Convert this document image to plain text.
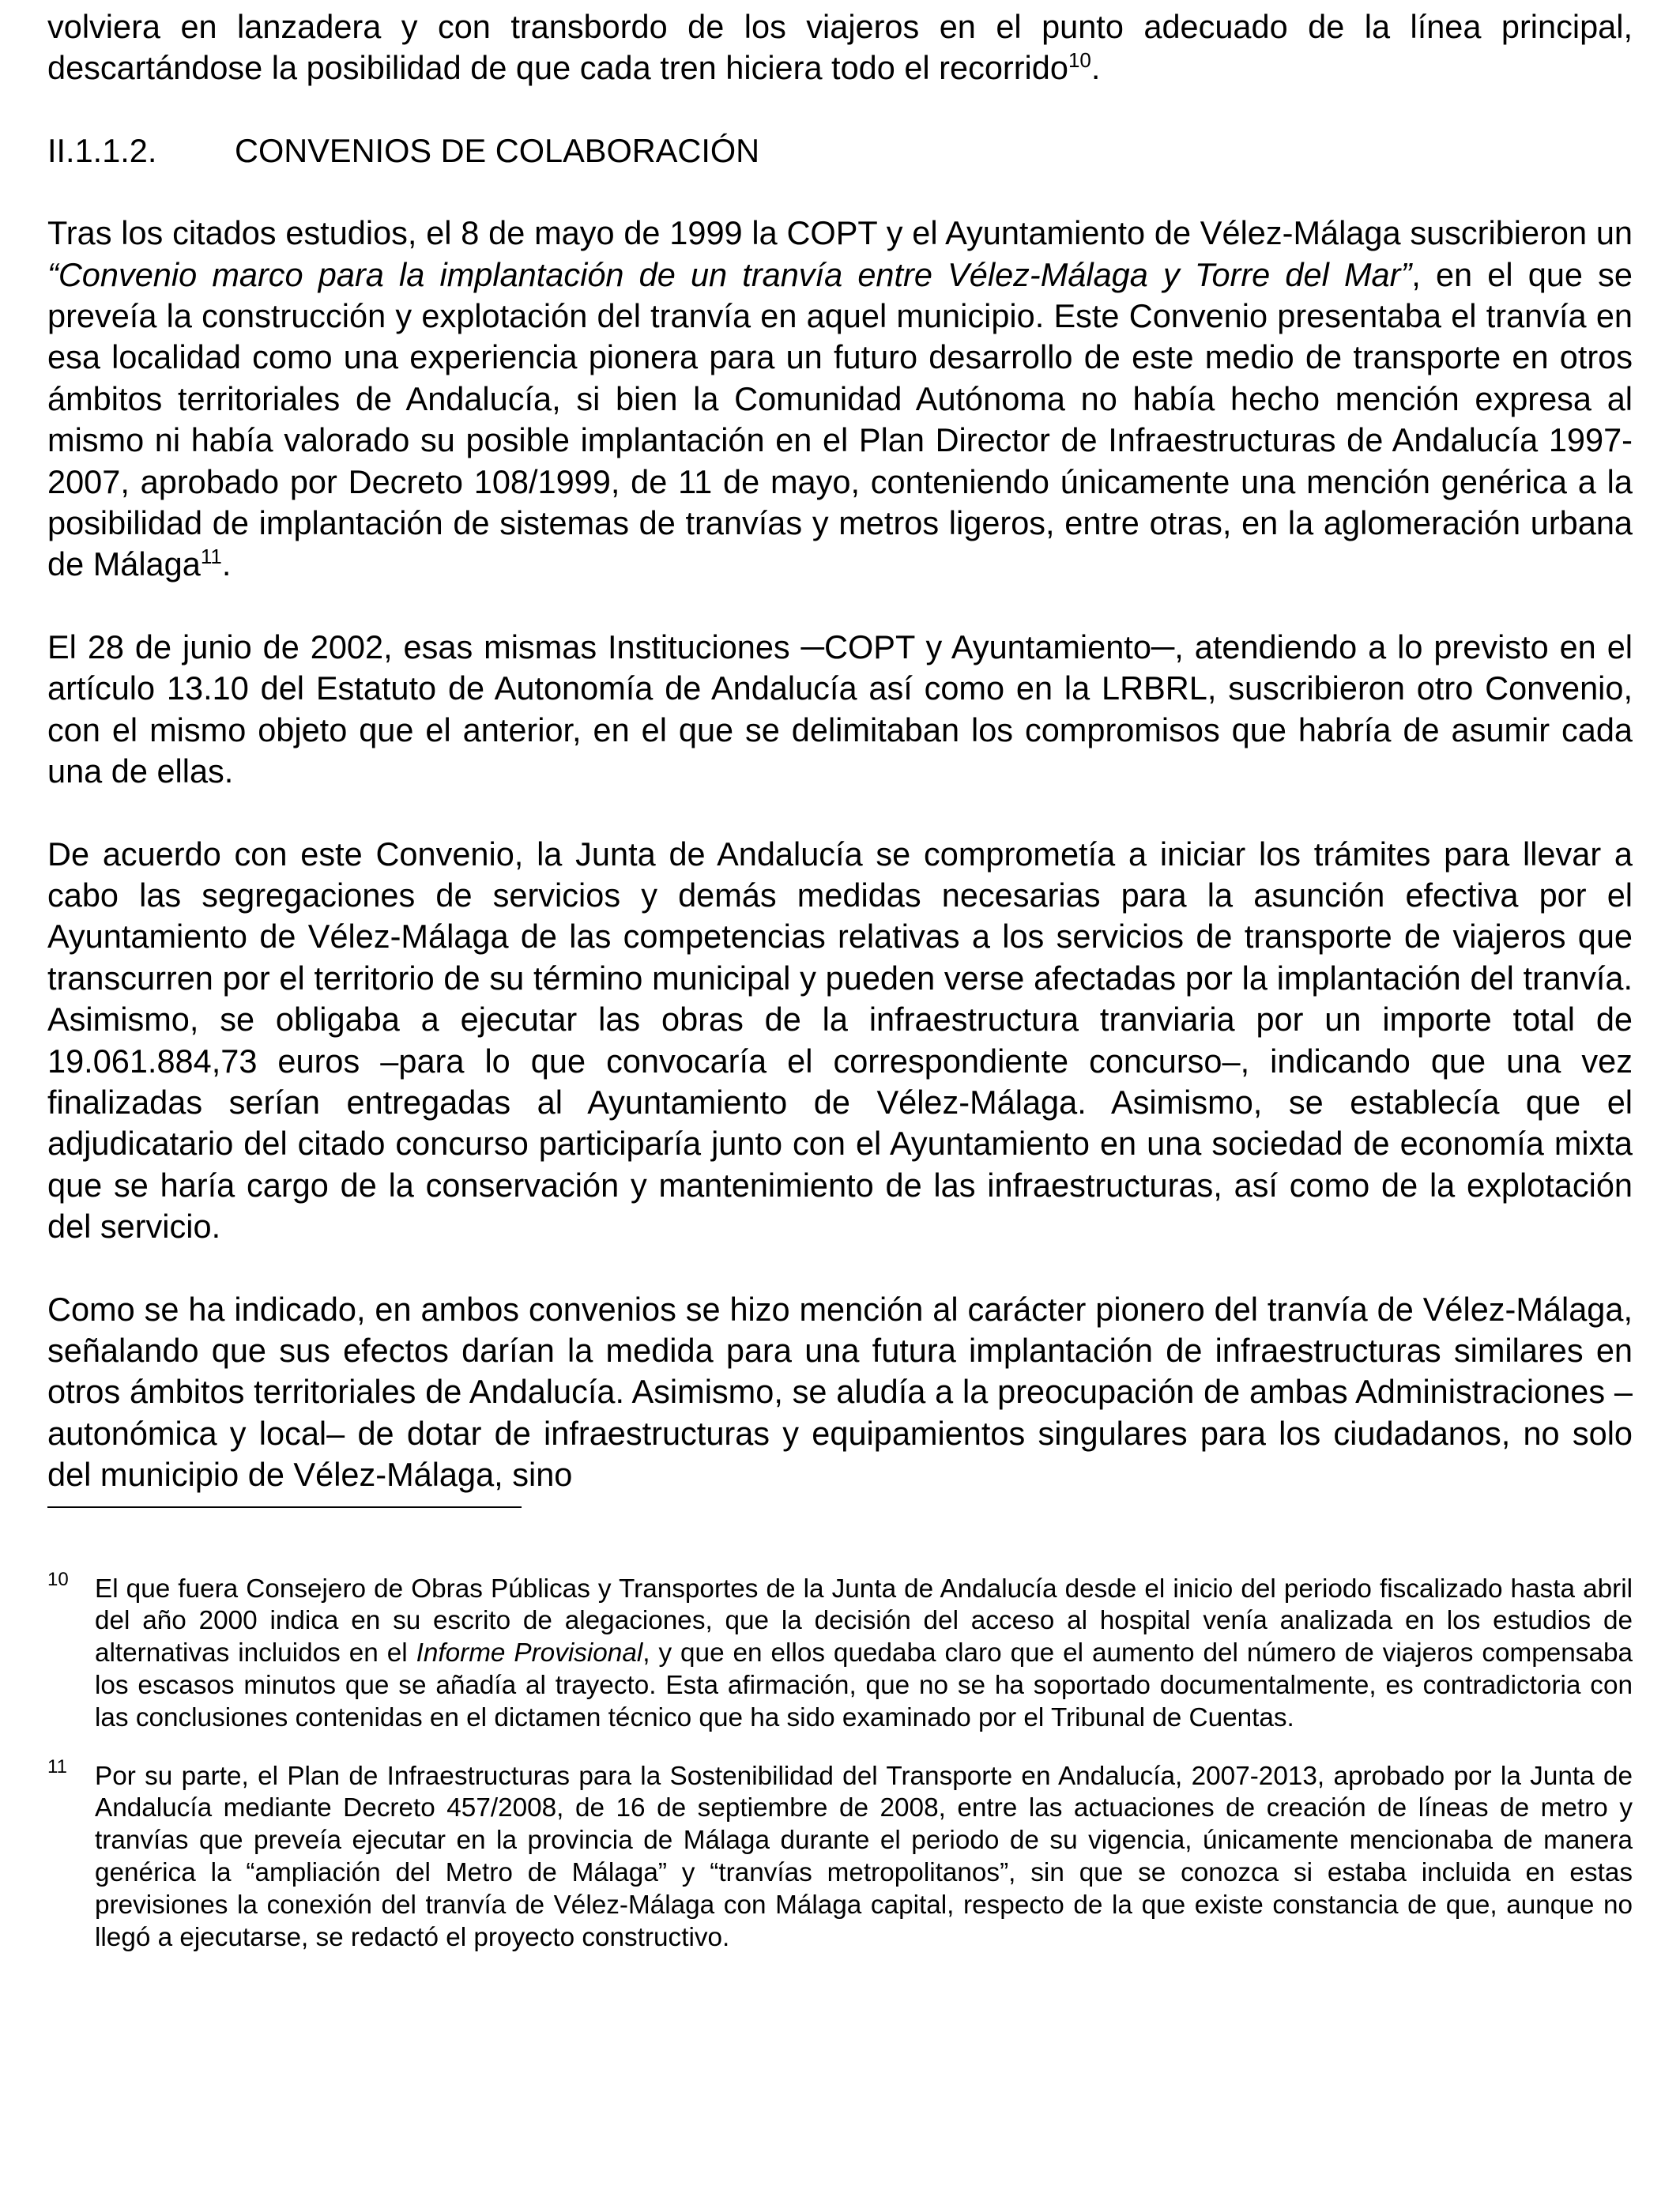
volviera en lanzadera y con transbordo de los viajeros en el punto adecuado de la línea principal, descartándose la posibilidad de que cada tren hiciera todo el recorrido$^{10}$.

II.1.1.2.	CONVENIOS DE COLABORACIÓN

Tras los citados estudios, el 8 de mayo de 1999 la COPT y el Ayuntamiento de Vélez-Málaga suscribieron un “Convenio marco para la implantación de un tranvía entre Vélez-Málaga y Torre del Mar”, en el que se preveía la construcción y explotación del tranvía en aquel municipio. Este Convenio presentaba el tranvía en esa localidad como una experiencia pionera para un futuro desarrollo de este medio de transporte en otros ámbitos territoriales de Andalucía, si bien la Comunidad Autónoma no había hecho mención expresa al mismo ni había valorado su posible implantación en el Plan Director de Infraestructuras de Andalucía 1997-2007, aprobado por Decreto 108/1999, de 11 de mayo, conteniendo únicamente una mención genérica a la posibilidad de implantación de sistemas de tranvías y metros ligeros, entre otras, en la aglomeración urbana de Málaga$^{11}$.

El 28 de junio de 2002, esas mismas Instituciones ─COPT y Ayuntamiento─, atendiendo a lo previsto en el artículo 13.10 del Estatuto de Autonomía de Andalucía así como en la LRBRL, suscribieron otro Convenio, con el mismo objeto que el anterior, en el que se delimitaban los compromisos que habría de asumir cada una de ellas.

De acuerdo con este Convenio, la Junta de Andalucía se comprometía a iniciar los trámites para llevar a cabo las segregaciones de servicios y demás medidas necesarias para la asunción efectiva por el Ayuntamiento de Vélez-Málaga de las competencias relativas a los servicios de transporte de viajeros que transcurren por el territorio de su término municipal y pueden verse afectadas por la implantación del tranvía. Asimismo, se obligaba a ejecutar las obras de la infraestructura tranviaria por un importe total de 19.061.884,73 euros –para lo que convocaría el correspondiente concurso–, indicando que una vez finalizadas serían entregadas al Ayuntamiento de Vélez-Málaga. Asimismo, se establecía que el adjudicatario del citado concurso participaría junto con el Ayuntamiento en una sociedad de economía mixta que se haría cargo de la conservación y mantenimiento de las infraestructuras, así como de la explotación del servicio.

Como se ha indicado, en ambos convenios se hizo mención al carácter pionero del tranvía de Vélez-Málaga, señalando que sus efectos darían la medida para una futura implantación de infraestructuras similares en otros ámbitos territoriales de Andalucía. Asimismo, se aludía a la preocupación de ambas Administraciones –autonómica y local– de dotar de infraestructuras y equipamientos singulares para los ciudadanos, no solo del municipio de Vélez-Málaga, sino

10 El que fuera Consejero de Obras Públicas y Transportes de la Junta de Andalucía desde el inicio del periodo fiscalizado hasta abril del año 2000 indica en su escrito de alegaciones, que la decisión del acceso al hospital venía analizada en los estudios de alternativas incluidos en el Informe Provisional, y que en ellos quedaba claro que el aumento del número de viajeros compensaba los escasos minutos que se añadía al trayecto. Esta afirmación, que no se ha soportado documentalmente, es contradictoria con las conclusiones contenidas en el dictamen técnico que ha sido examinado por el Tribunal de Cuentas.

11	Por su parte, el Plan de Infraestructuras para la Sostenibilidad del Transporte en Andalucía, 2007-2013, aprobado por la Junta de Andalucía mediante Decreto 457/2008, de 16 de septiembre de 2008, entre las actuaciones de creación de líneas de metro y tranvías que preveía ejecutar en la provincia de Málaga durante el periodo de su vigencia, únicamente mencionaba de manera genérica la “ampliación del Metro de Málaga” y “tranvías metropolitanos”, sin que se conozca si estaba incluida en estas previsiones la conexión del tranvía de Vélez-Málaga con Málaga capital, respecto de la que existe constancia de que, aunque no llegó a ejecutarse, se redactó el proyecto constructivo.
